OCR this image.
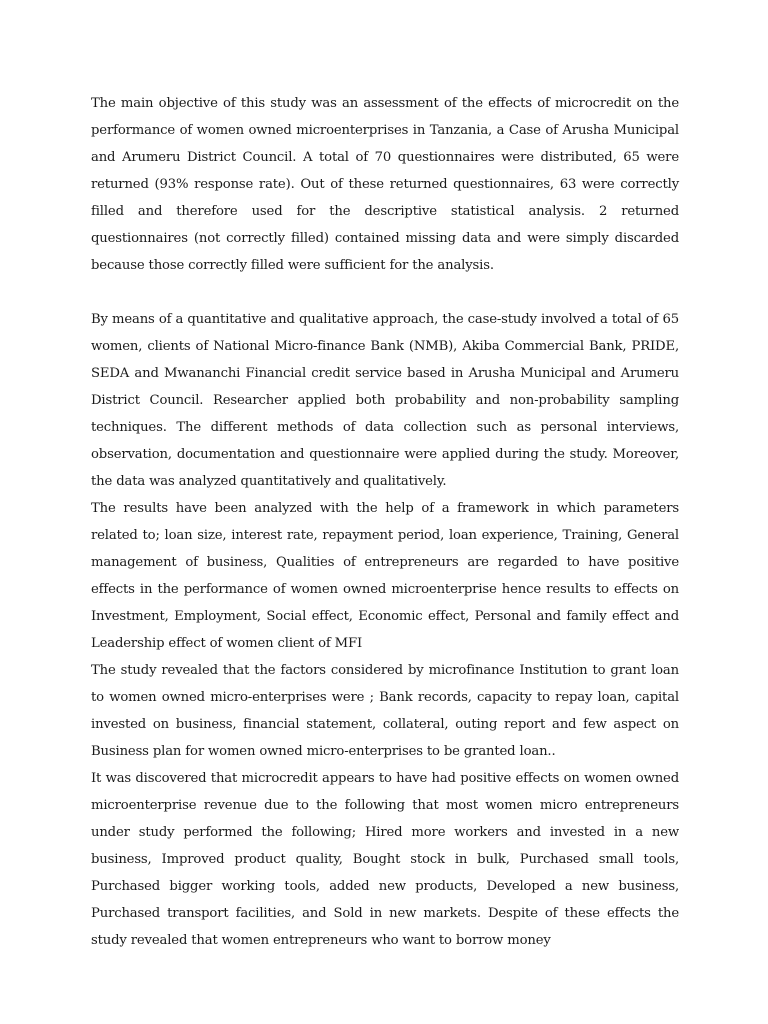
The main objective of this study was an assessment of the effects of microcredit on the performance of women owned microenterprises in Tanzania, a Case of Arusha Municipal and Arumeru District Council. A total of 70 questionnaires were distributed, 65 were returned (93% response rate). Out of these returned questionnaires, 63 were correctly filled and therefore used for the descriptive statistical analysis. 2 returned questionnaires (not correctly filled) contained missing data and were simply discarded because those correctly filled were sufficient for the analysis.

By means of a quantitative and qualitative approach, the case-study involved a total of 65 women, clients of National Micro-finance Bank (NMB), Akiba Commercial Bank, PRIDE, SEDA and Mwananchi Financial credit service based in Arusha Municipal and Arumeru District Council. Researcher applied both probability and non-probability sampling techniques. The different methods of data collection such as personal interviews, observation, documentation and questionnaire were applied during the study. Moreover, the data was analyzed quantitatively and qualitatively.

The results have been analyzed with the help of a framework in which parameters related to; loan size, interest rate, repayment period, loan experience, Training, General management of business, Qualities of entrepreneurs are regarded to have positive effects in the performance of women owned microenterprise hence results to effects on Investment, Employment, Social effect, Economic effect, Personal and family effect and Leadership effect of women client of MFI

The study revealed that the factors considered by microfinance Institution to grant loan to women owned micro-enterprises were ; Bank records, capacity to repay loan, capital invested on business, financial statement, collateral, outing report and few aspect on Business plan for women owned micro-enterprises to be granted loan..

It was discovered that microcredit appears to have had positive effects on women owned microenterprise revenue due to the following that most women micro entrepreneurs under study performed the following; Hired more workers and invested in a new business, Improved product quality, Bought stock in bulk, Purchased small tools, Purchased bigger working tools, added new products, Developed a new business, Purchased transport facilities, and Sold in new markets. Despite of these effects the study revealed that women entrepreneurs who want to borrow money
